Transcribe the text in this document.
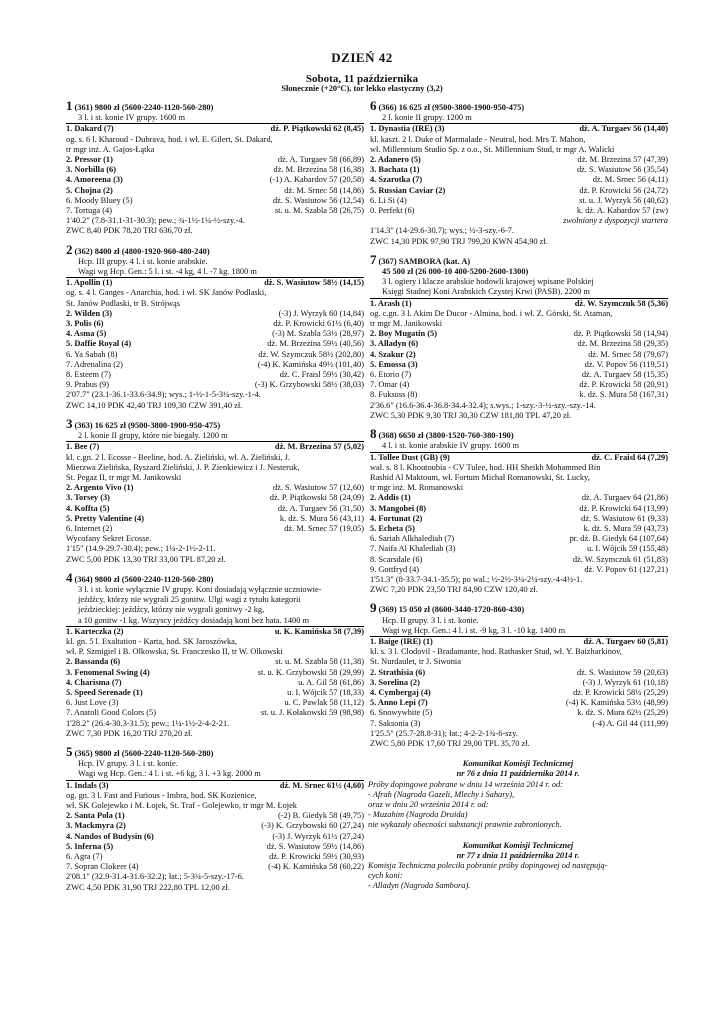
DZIEŃ 42
Sobota, 11 października
Słonecznie (+20°C), tor lekko elastyczny (3,2)
1 (361) 9800 zł (5600-2240-1120-560-280)
3 l. i st. konie IV grupy. 1600 m
1. Dakard (7)	dż. P. Piątkowski 62 (8,45)
og. s. 6 l. Kharoud - Dubrava, hod. i wł. E. Gilert, St. Dakard,
tr mgr inż. A. Gajos-Łątka
2. Pressor (1)	dż. A. Turgaev 58 (66,89)
3. Norbilla (6)	dż. M. Brzezina 58 (16,38)
4. Amoreena (3)	(-1) A. Kabardov 57 (20,58)
5. Chojna (2)	dż. M. Srnec 58 (14,86)
6. Moody Bluey (5)	dż. S. Wasiutow 56 (12,54)
7. Tortuga (4)	st. u. M. Szabla 58 (26,75)
1'40.2" (7.8-31.1-31-30.3); pew.; ¾-1½-1¼-½-szy.-4.
ZWC 8,40 PDK 78,20 TRJ 636,70 zł.
2 (362) 8400 zł (4800-1920-960-480-240)
Hcp. III grupy. 4 l. i st. konie arabskie.
Wagi wg Hcp. Gen.: 5 l. i st. -4 kg, 4 l. -7 kg. 1800 m
1. Apollin (1)	dż. S. Wasiutow 58½ (14,15)
og. s. 4 l. Ganges - Anarchia, hod. i wł. SK Janów Podlaski,
St. Janów Podlaski, tr B. Strójwąs
2. Wilden (3)	(-3) J. Wyrzyk 60 (14,84)
3. Polis (6)	dż. P. Krowicki 61½ (6,40)
4. Asma (5)	(-3) M. Szabla 53½ (28,97)
5. Daffie Royal (4)	dż. M. Brzezina 59½ (40,56)
6. Ya Sabah (8)	dż. W. Szymczuk 58½ (202,80)
7. Adrenalina (2)	(-4) K. Kamińska 49½ (101,40)
8. Esteem (7)	dż. C. Fraisl 59½ (30,42)
9. Prabus (9)	(-3) K. Grzybowski 58½ (38,03)
2'07.7" (23.1-36.1-33.6-34.9); wys.; 1-½-1-5-3¼-szy.-1-4.
ZWC 14,10 PDK 42,40 TRJ 109,30 CZW 391,40 zł.
3 (363) 16 625 zł (9500-3800-1900-950-475)
2 l. konie II grupy, które nie biegały. 1200 m
1. Bee (7)	dż. M. Brzezina 57 (5,02)
kl. c.gn. 2 l. Ecosse - Beeline, hod. A. Zieliński, wł. A. Zieliński, J.
Mierzwa Zielińska, Ryszard Zieliński, J. P. Zienkiewicz i J. Nesteruk,
St. Pegaz II, tr mgr M. Janikowski
2. Argento Vivo (1)	dż. S. Wasiutow 57 (12,60)
3. Torsey (3)	dż. P. Piątkowski 58 (24,09)
4. Koffta (5)	dż. A. Turgaev 56 (31,50)
5. Pretty Valentine (4)	k. dż. S. Mura 56 (43,11)
6. Internet (2)	dż. M. Srnec 57 (19,05)
Wycofany Sekret Ecosse.
1'15" (14.9-29.7-30.4); pew.; 1¼-2-1½-2-11.
ZWC 5,00 PDK 13,30 TRJ 33,00 TPL 87,20 zł.
4 (364) 9800 zł (5600-2240-1120-560-280)
3 l. i st. konie wyłącznie IV grupy. Koni dosiadają wyłącznie uczniowie-
jeźdźcy, którzy nie wygrali 25 gonitw. Ulgi wagi z tytułu kategorii
jeździeckiej: jeźdźcy, którzy nie wygrali gonitwy -2 kg,
a 10 gonitw -1 kg. Wszyscy jeźdźcy dosiadają koni bez bata. 1400 m
1. Karteczka (2)	u. K. Kamińska 58 (7,39)
kl. gn. 5 l. Exaltation - Karta, hod. SK Jaroszówka,
wł. P. Szmigiel i B. Olkowska, St. Franczesko II, tr W. Olkowski
2. Bassanda (6)	st. u. M. Szabla 58 (11,38)
3. Fenomenal Swing (4)	st. u. K. Grzybowski 58 (29,99)
4. Charisma (7)	u. A. Gil 58 (61,86)
5. Speed Serenade (1)	u. I. Wójcik 57 (18,33)
6. Just Love (3)	u. C. Pawlak 58 (11,12)
7. Anatoli Good Colors (5)	st. u. J. Kołakowski 59 (98,98)
1'28.2" (26.4-30.3-31.5); pew.; 1¼-1½-2-4-2-21.
ZWC 7,30 PDK 16,20 TRJ 270,20 zł.
5 (365) 9800 zł (5600-2240-1120-560-280)
Hcp. IV grupy. 3 l. i st. konie.
Wagi wg Hcp. Gen.: 4 l. i st. +6 kg, 3 l. +3 kg. 2000 m
1. Indals (3)	dż. M. Srnec 61½ (4,60)
og. gn. 3 l. Fast and Furious - Imbra, hod. SK Kozienice,
wł. SK Golejewko i M. Łojek, St. Traf - Golejewko, tr mgr M. Łojek
2. Santa Pola (1)	(-2) B. Giedyk 58 (49,75)
3. Mackmyra (2)	(-3) K. Grzybowski 60 (27,24)
4. Nandos of Budysin (6)	(-3) J. Wyrzyk 61½ (27,24)
5. Inferna (5)	dż. S. Wasiutow 59½ (14,86)
6. Agra (7)	dż. P. Krowicki 59½ (30,93)
7. Sopran Clokeer (4)	(-4) K. Kamińska 58 (60,22)
2'08.1" (32.9-31.4-31.6-32.2); łat.; 5-3¾-5-szy.-17-6.
ZWC 4,50 PDK 31,90 TRJ 222,80 TPL 12,00 zł.
6 (366) 16 625 zł (9500-3800-1900-950-475)
2 l. konie II grupy. 1200 m
1. Dynastia (IRE) (3)	dż. A. Turgaev 56 (14,40)
kl. kaszt. 2 l. Duke of Marmalade - Neutral, hod. Mrs T. Mahon,
wł. Millennium Studio Sp. z o.o., St. Millennium Stud, tr mgr A. Walicki
2. Adanero (5)	dż. M. Brzezina 57 (47,39)
3. Bachata (1)	dż. S. Wasiutow 56 (35,54)
4. Szarotka (7)	dż. M. Srnec 56 (4,11)
5. Russian Caviar (2)	dż. P. Krowicki 56 (24,72)
6. Li Si (4)	st. u. J. Wyrzyk 56 (40,62)
0. Perfekt (6)	k. dż. A. Kabardov 57 (zw)
zwolniony z dyspozycji startera
1'14.3" (14-29.6-30.7); wys.; ½-3-szy.-6-7.
ZWC 14,30 PDK 97,90 TRJ 799,20 KWN 454,90 zł.
7 (367) SAMBORA (kat. A)
45 500 zł (26 000-10 400-5200-2600-1300)
3 l. ogiery i klacze arabskie hodowli krajowej wpisane Polskiej
Księgi Stadnej Koni Arabskich Czystej Krwi (PASB). 2200 m
1. Arash (1)	dż. W. Szymczuk 58 (5,36)
og. c.gn. 3 l. Akim De Ducor - Almina, hod. i wł. Z. Górski, St. Ataman,
tr mgr M. Janikowski
2. Boy Mugatin (5)	dż. P. Piątkowski 58 (14,94)
3. Alladyn (6)	dż. M. Brzezina 58 (29,35)
4. Szakur (2)	dż. M. Srnec 58 (79,67)
5. Emossa (3)	dż. V. Popov 56 (119,51)
6. Etorio (7)	dż. A. Turgaev 58 (15,35)
7. Omar (4)	dż. P. Krowicki 58 (20,91)
8. Fuksuss (8)	k. dż. S. Mura 58 (167,31)
2'36.6" (16.6-36.4-36.8-34.4-32.4); s.wys.; 1-szy.-3-½-szy.-szy.-14.
ZWC 5,30 PDK 9,30 TRJ 30,30 CZW 181,80 TPL 47,20 zł.
8 (368) 6650 zł (3800-1520-760-380-190)
4 l. i st. konie arabskie IV grupy. 1600 m
1. Tollee Dust (GB) (9)	dż. C. Fraisl 64 (7,29)
wał. s. 8 l. Khoutoubia - CV Tulee, hod. HH Sheikh Mohammed Bin
Rashid Al Maktoum, wł. Fortum Michał Romanowski, St. Lucky,
tr mgr inż. M. Romanowski
2. Addis (1)	dż. A. Turgaev 64 (21,86)
3. Mangobei (8)	dż. P. Krowicki 64 (13,99)
4. Fortunat (2)	dż. S. Wasiutow 61 (9,33)
5. Echeta (5)	k. dż. S. Mura 59 (43,73)
6. Sariah Alkhalediah (7)	pr. dż. B. Giedyk 64 (107,64)
7. Naifa Al Khalediah (3)	u. I. Wójcik 59 (155,48)
8. Scarsdale (6)	dż. W. Szymczuk 61 (51,83)
9. Gottfryd (4)	dż. V. Popov 61 (127,21)
1'51.3" (8-33.7-34.1-35.5); po wal.; ½-2½-3¼-2¼-szy.-4-4½-1.
ZWC 7,20 PDK 23,50 TRJ 84,90 CZW 120,40 zł.
9 (369) 15 050 zł (8600-3440-1720-860-430)
Hcp. II grupy. 3 l. i st. konie.
Wagi wg Hcp. Gen.: 4 l. i st. -9 kg, 3 l. -10 kg. 1400 m
1. Baige (IRE) (1)	dż. A. Turgaev 60 (5,81)
kl. s. 3 l. Clodovil - Bradamante, hod. Rathasker Stud, wł. Y. Baizharkinov,
St. Nurdaulet, tr J. Siwonia
2. Strathisia (6)	dż. S. Wasiutow 59 (20,63)
3. Sorelina (2)	(-3) J. Wyrzyk 61 (10,18)
4. Cymbergaj (4)	dż. P. Krowicki 58½ (25,29)
5. Anno Lepi (7)	(-4) K. Kamińska 53½ (48,99)
6. Snowywhite (5)	k. dż. S. Mura 62½ (25,29)
7. Saksonia (3)	(-4) A. Gil 44 (111,99)
1'25.5" (25.7-28.8-31); łat.; 4-2-2-1¾-6-szy.
ZWC 5,80 PDK 17,60 TRJ 29,00 TPL 35,70 zł.
Komunikat Komisji Technicznej
nr 76 z dnia 11 października 2014 r.
Próby dopingowe pobrane w dniu 14 września 2014 r. od:
- Afrah (Nagroda Gazeli, Mlechy i Sahary),
oraz w dniu 20 września 2014 r. od:
- Muzahim (Nagroda Druida)
nie wykazały obecności substancji prawnie zabronionych.
Komunikat Komisji Technicznej
nr 77 z dnia 11 października 2014 r.
Komisja Techniczna poleciła pobranie próby dopingowej od następują-
cych koni:
- Alladyn (Nagroda Sambora).
